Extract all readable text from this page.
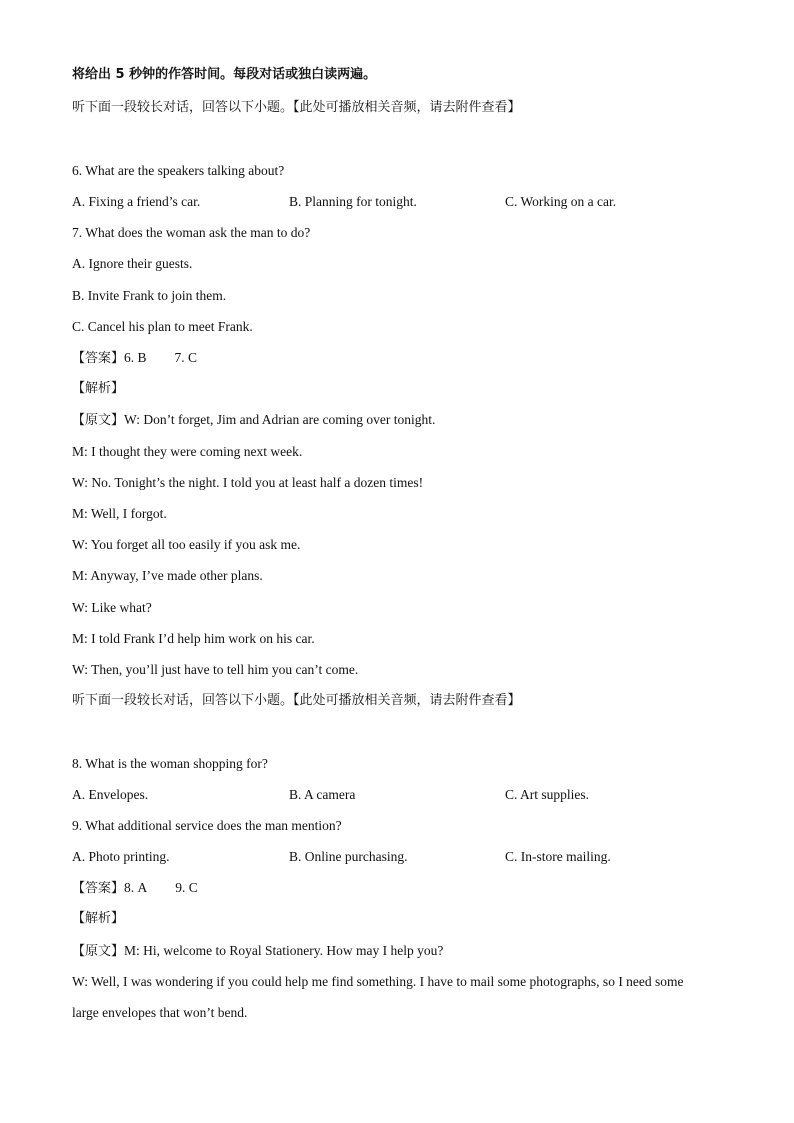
将给出 5 秒钟的作答时间。每段对话或独白读两遍。
听下面一段较长对话，回答以下小题。【此处可播放相关音频，请去附件查看】
6. What are the speakers talking about?
A. Fixing a friend’s car.	B. Planning for tonight.	C. Working on a car.
7. What does the woman ask the man to do?
A. Ignore their guests.
B. Invite Frank to join them.
C. Cancel his plan to meet Frank.
【答案】6. B 7. C
【解析】
【原文】W: Don’t forget, Jim and Adrian are coming over tonight.
M: I thought they were coming next week.
W: No. Tonight’s the night. I told you at least half a dozen times!
M: Well, I forgot.
W: You forget all too easily if you ask me.
M: Anyway, I’ve made other plans.
W: Like what?
M: I told Frank I’d help him work on his car.
W: Then, you’ll just have to tell him you can’t come.
听下面一段较长对话，回答以下小题。【此处可播放相关音频，请去附件查看】
8. What is the woman shopping for?
A. Envelopes.	B. A camera	C. Art supplies.
9. What additional service does the man mention?
A. Photo printing.	B. Online purchasing.	C. In-store mailing.
【答案】8. A 9. C
【解析】
【原文】M: Hi, welcome to Royal Stationery. How may I help you?
W: Well, I was wondering if you could help me find something. I have to mail some photographs, so I need some
large envelopes that won’t bend.
